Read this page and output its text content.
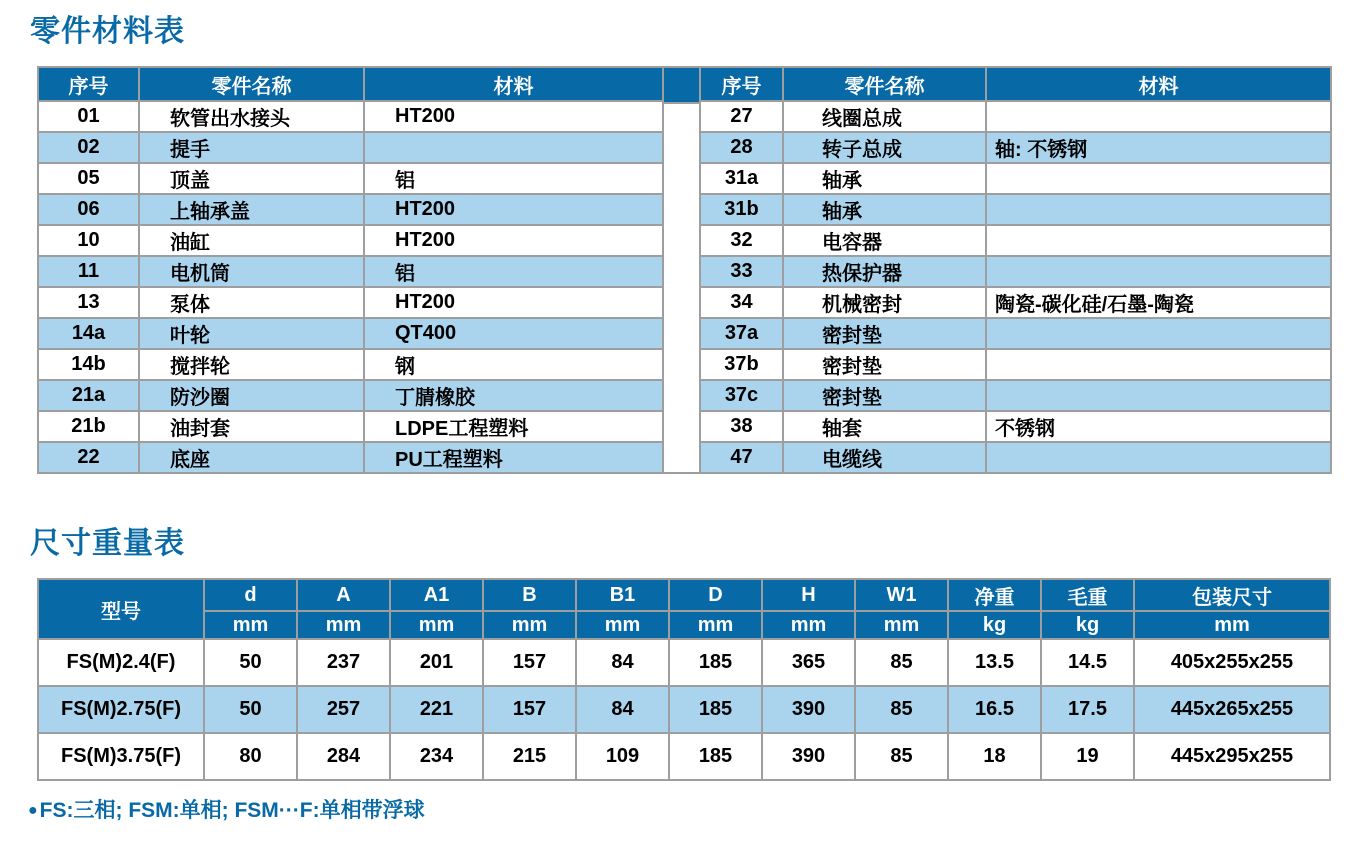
零件材料表
序号	零件名称	材料
01	软管出水接头	HT200
02	提手	
05	顶盖	铝
06	上轴承盖	HT200
10	油缸	HT200
11	电机筒	铝
13	泵体	HT200
14a	叶轮	QT400
14b	搅拌轮	钢
21a	防沙圈	丁腈橡胶
21b	油封套	LDPE工程塑料
22	底座	PU工程塑料
序号	零件名称	材料
27	线圈总成	
28	转子总成	轴: 不锈钢
31a	轴承	
31b	轴承	
32	电容器	
33	热保护器	
34	机械密封	陶瓷-碳化硅/石墨-陶瓷
37a	密封垫	
37b	密封垫	
37c	密封垫	
38	轴套	不锈钢
47	电缆线	
尺寸重量表
型号	d	A	A1	B	B1	D	H	W1	净重	毛重	包装尺寸
	mm	mm	mm	mm	mm	mm	mm	mm	kg	kg	mm
FS(M)2.4(F)	50	237	201	157	84	185	365	85	13.5	14.5	405x255x255
FS(M)2.75(F)	50	257	221	157	84	185	390	85	16.5	17.5	445x265x255
FS(M)3.75(F)	80	284	234	215	109	185	390	85	18	19	445x295x255
●FS:三相; FSM:单相; FSM···F:单相带浮球
